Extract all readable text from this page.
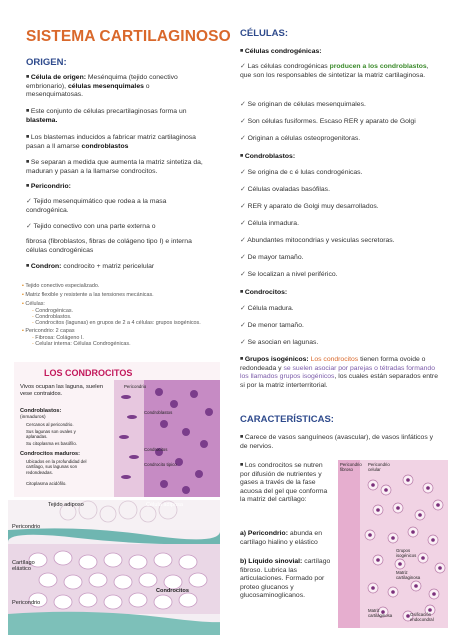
SISTEMA CARTILAGINOSO
ORIGEN:

■ Célula de origen: Mesénquima (tejido conectivo embrionario), células mesenquimales o mesenquimatosas.

■ Este conjunto de células precartilaginosas forma un blastema.

■ Los blastemas inducidos a fabricar matriz cartilaginosa pasan a ll amarse condroblastos

■ Se separan a medida que aumenta la matriz sintetiza da, maduran y pasan a la llamarse condrocitos.

■ Pericondrio:

✓ Tejido mesenquimático que rodea a la masa condrogénica.

✓ Tejido conectivo con una parte externa o

fibrosa (fibroblastos, fibras de colágeno tipo I) e interna células condrogénicas

■ Condron: condrocito + matriz pericelular

▪ Tejido conectivo especializado.
▪ Matriz flexible y resistente a las tensiones mecánicas.
▪ Células:
- Condrogénicas.
- Condroblastos.
- Condrocitos (lagunas) en grupos de 2 a 4 células: grupos isogénicos.
▪ Pericondrio: 2 capas
- Fibrosa: Colágeno I.
- Celular interna: Células Condrogénicas.
LOS CONDROCITOS
Vivos ocupan las laguna, suelen vese contraidos.
Condroblastos:
(inmaduros)
Cercanos al pericondrio.
Sus lagunas son ovales y aplanadas.
Su citoplasma es basófilo.
Condrocitos maduros:
Ubicados en la profundidad del cartílago, sus lagunas son redondeadas.
Citoplasma acidófilo.
Pericondrio
Condroblastos
Condrocitos
Condrocito tipico
Tejido adiposo	Célula adiposa
Pericondrio
Cartílago elástico
Pericondrio
Condrocitos
CÉLULAS:

■ Células condrogénicas:

✓ Las células condrogénicas producen a los condroblastos, que son los responsables de sintetizar la matriz cartilaginosa.

✓ Se originan de células mesenquimales.

✓ Son células fusiformes. Escaso RER y aparato de Golgi

✓ Originan a células osteoprogenitoras.

■ Condroblastos:

✓ Se origina de c é lulas condrogénicas.

✓ Células ovaladas basófilas.

✓ RER y aparato de Golgi muy desarrollados.

✓ Célula inmadura.

✓ Abundantes mitocondrias y vesiculas secretoras.

✓ De mayor tamaño.

✓ Se localizan a nivel periférico.

■ Condrocitos:

✓ Célula madura.

✓ De menor tamaño.

✓ Se asocian en lagunas.

■ Grupos isogénicos: Los condrocitos tienen forma ovoide o redondeada y se suelen asociar por parejas o tétradas formando los llamados grupos isogénicos, los cuales están separados entre si por la matriz interterritorial.

CARACTERÍSTICAS:

■ Carece de vasos sanguíneos (avascular), de vasos linfáticos y de nervios.

■ Los condrocitos se nutren por difusión de nutrientes y gases a través de la fase acuosa del gel que conforma la matriz del cartílago:

a) Pericondrio: abunda en cartílago hialino y elástico

b) Líquido sinovial: cartílago fibroso. Lubrica las articulaciones. Formado por proteo glucanos y glucosaminoglicanos.

Pericondrio fibroso
Pericondrio celular
Grupos isogénicos
Matriz cartilaginosa
Matriz cartilaginosa	Osificación endocondral
